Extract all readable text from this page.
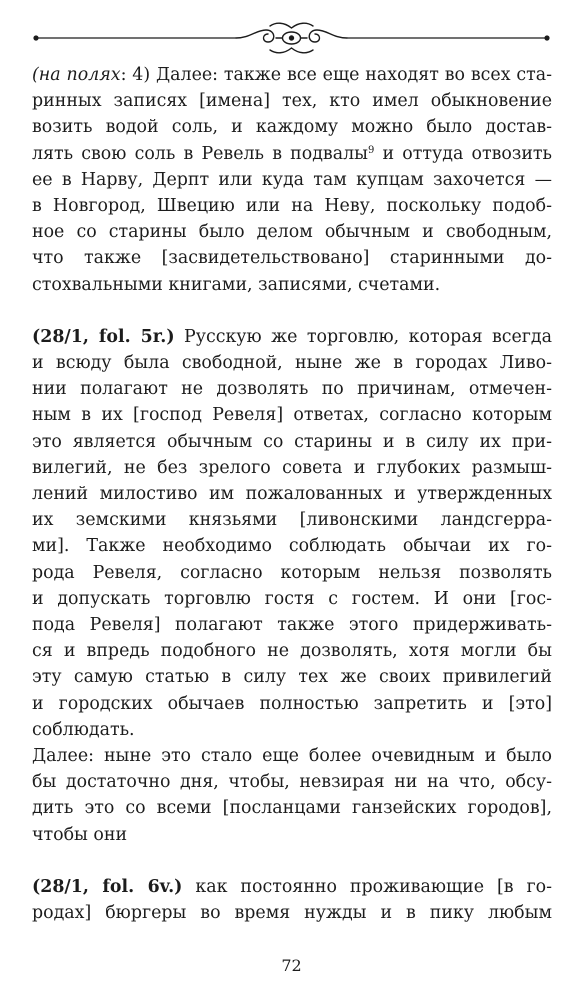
(на полях: 4) Далее: также все еще находят во всех ста-
ринных записях [имена] тех, кто имел обыкновение
возить водой соль, и каждому можно было достав-
лять свою соль в Ревель в подвалы$^9$ и оттуда отвозить
ее в Нарву, Дерпт или куда там купцам захочется —
в Новгород, Швецию или на Неву, поскольку подоб-
ное со старины было делом обычным и свободным,
что также [засвидетельствовано] старинными до-
стохвальными книгами, записями, счетами.
(28/1, fol. 5r.) Русскую же торговлю, которая всегда
и всюду была свободной, ныне же в городах Ливо-
нии полагают не дозволять по причинам, отмечен-
ным в их [господ Ревеля] ответах, согласно которым
это является обычным со старины и в силу их при-
вилегий, не без зрелого совета и глубоких размыш-
лений милостиво им пожалованных и утвержденных
их земскими князьями [ливонскими ландсгерра-
ми]. Также необходимо соблюдать обычаи их го-
рода Ревеля, согласно которым нельзя позволять
и допускать торговлю гостя с гостем. И они [гос-
пода Ревеля] полагают также этого придерживать-
ся и впредь подобного не дозволять, хотя могли бы
эту самую статью в силу тех же своих привилегий
и городских обычаев полностью запретить и [это]
соблюдать.
Далее: ныне это стало еще более очевидным и было
бы достаточно дня, чтобы, невзирая ни на что, обсу-
дить это со всеми [посланцами ганзейских городов],
чтобы они
(28/1, fol. 6v.) как постоянно проживающие [в го-
родах] бюргеры во время нужды и в пику любым
72
